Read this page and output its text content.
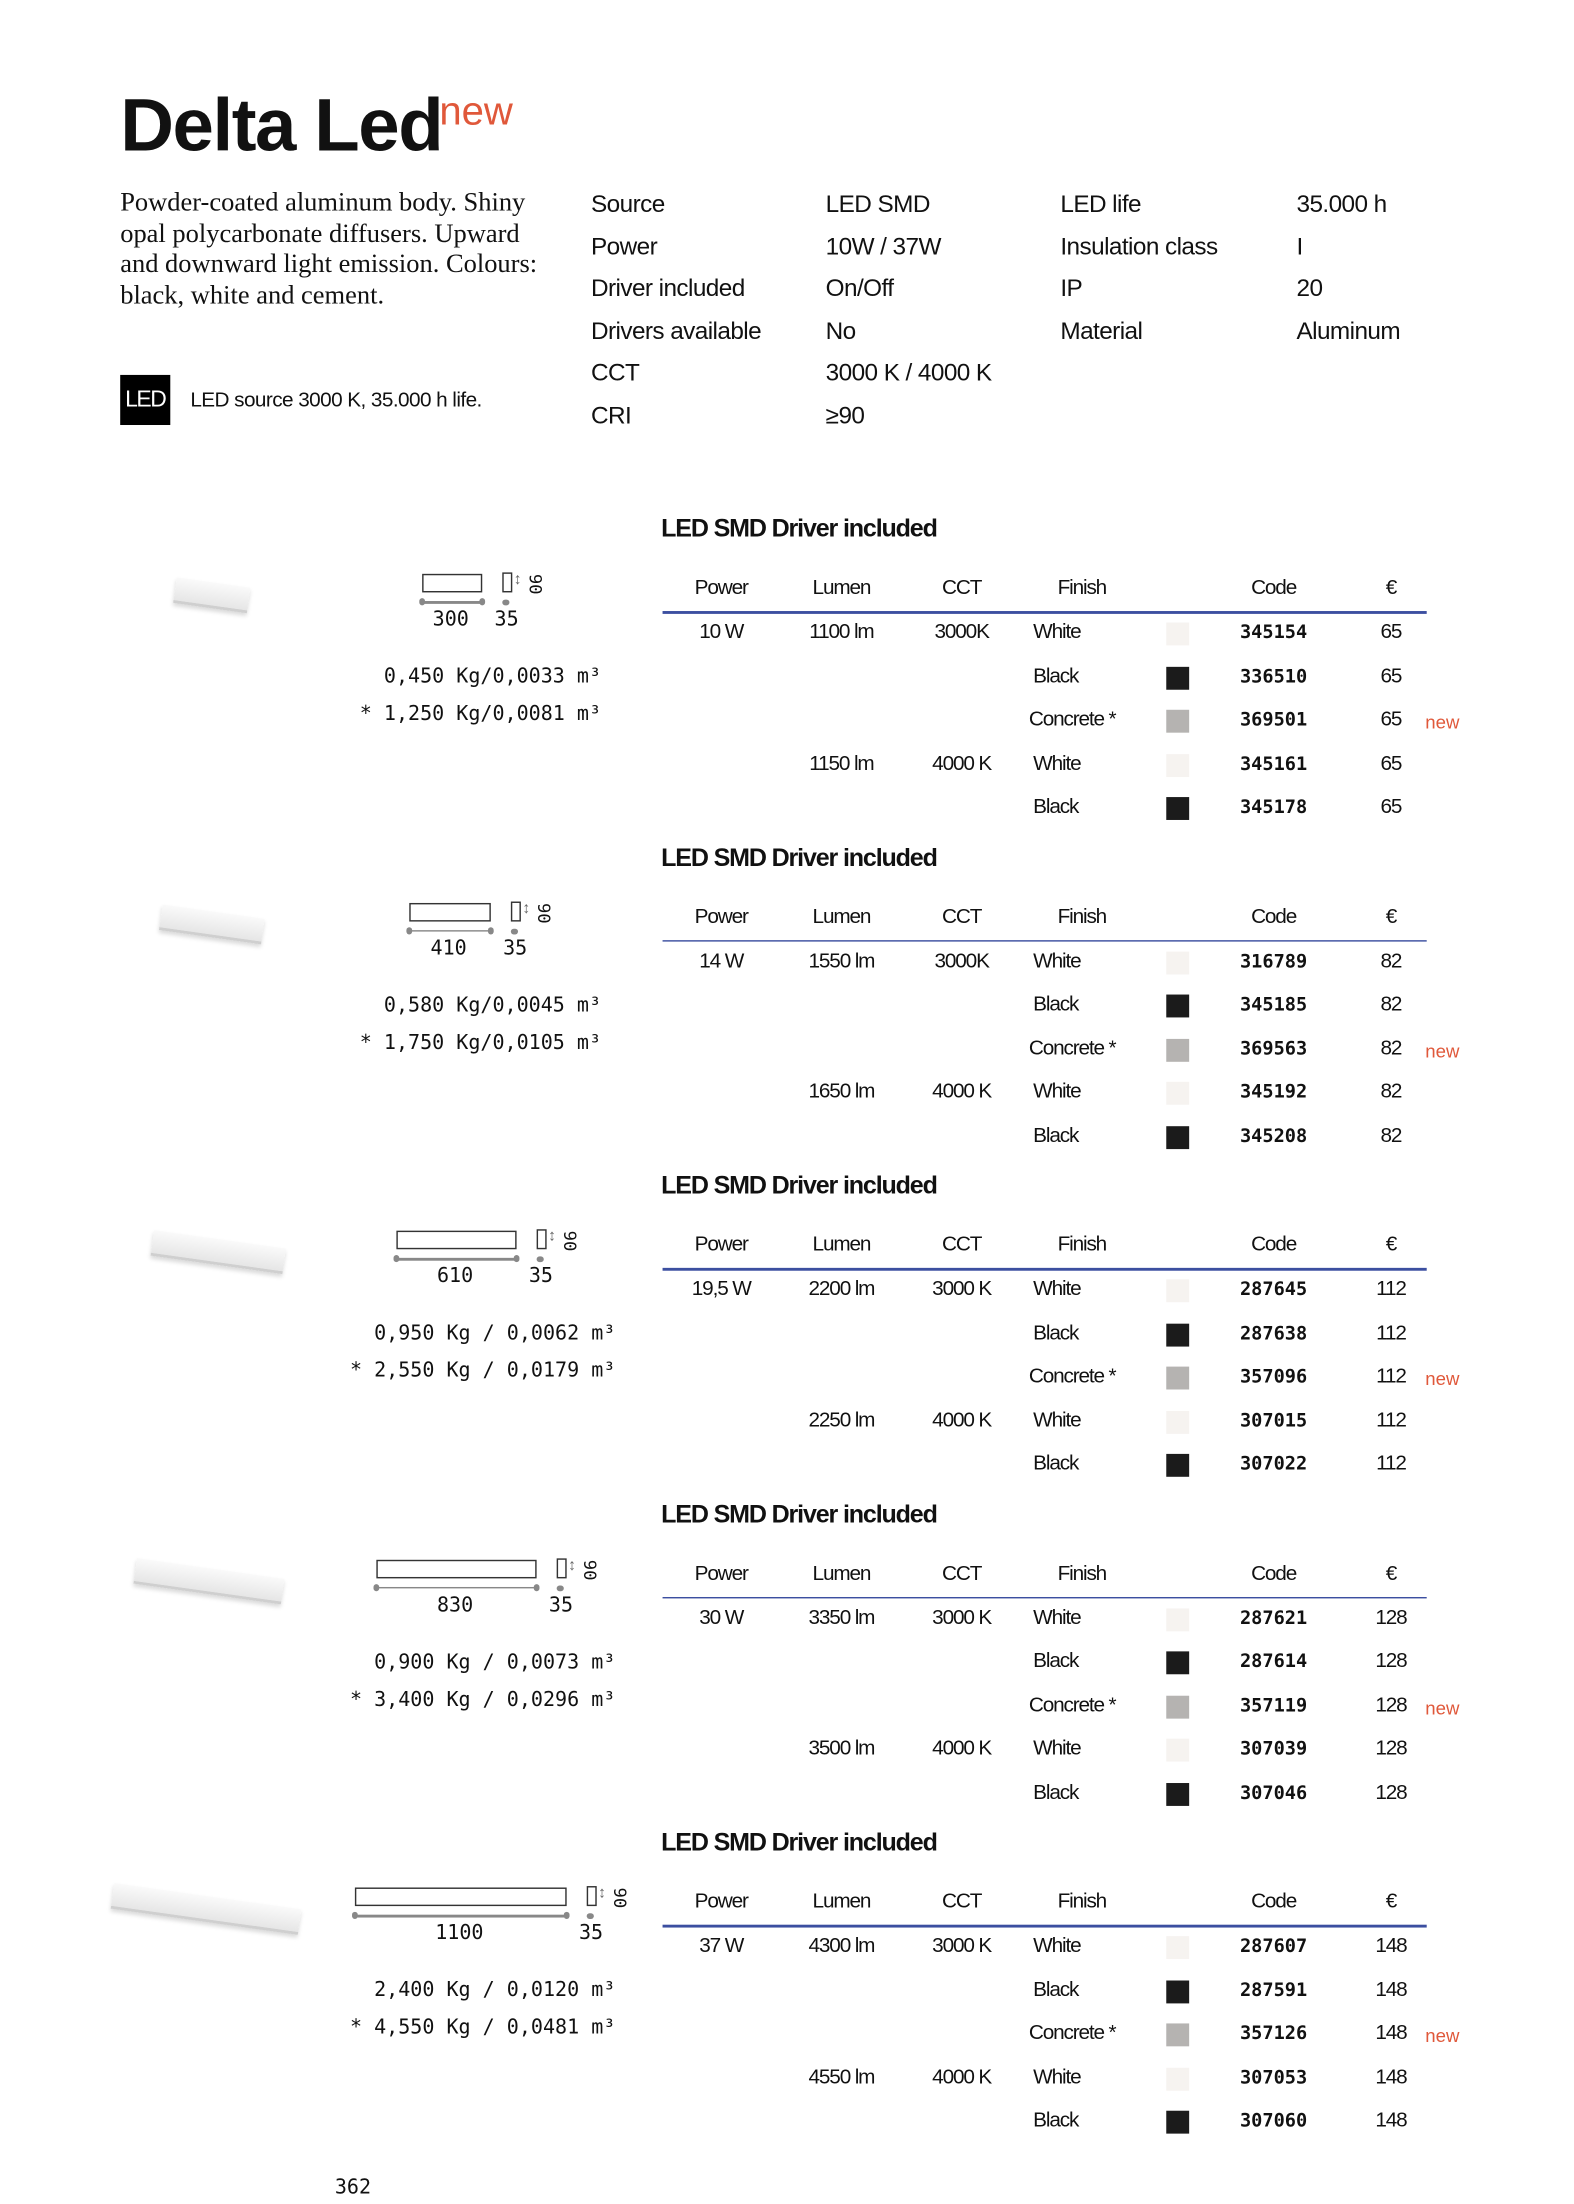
Delta Led
new
Powder-coated aluminum body. Shiny opal polycarbonate diffusers. Upward and downward light emission. Colours: black, white and cement.
LED	LED source 3000 K, 35.000 h life.
Source	LED SMD
Power	10W / 37W
Driver included	On/Off
Drivers available	No
CCT	3000 K / 4000 K
CRI	≥90
LED life	35.000 h
Insulation class	I
IP	20
Material	Aluminum
↕ 90
300 35
0,450 Kg/0,0033 m³
* 1,250 Kg/0,0081 m³
LED SMD Driver included
Power	Lumen	CCT	Finish	Code	€
10 W	1100 lm	3000K	White	345154	65
Black	336510	65
Concrete *	369501	65 new
1150 lm	4000 K	White	345161	65
Black	345178	65
↕ 90
410	35
0,580 Kg/0,0045 m³
* 1,750 Kg/0,0105 m³
LED SMD Driver included
Power	Lumen	CCT	Finish	Code	€
14 W	1550 lm	3000K	White	316789	82
Black	345185	82
Concrete *	369563	82 new
1650 lm	4000 K	White	345192	82
Black	345208	82
↕ 90
610	35
0,950 Kg / 0,0062 m³
* 2,550 Kg / 0,0179 m³
LED SMD Driver included
Power	Lumen	CCT	Finish	Code	€
19,5 W	2200 lm	3000 K	White	287645	112
Black	287638	112
Concrete *	357096	112 new
2250 lm	4000 K	White	307015	112
Black	307022	112
↕ 90
830	35
0,900 Kg / 0,0073 m³
* 3,400 Kg / 0,0296 m³
LED SMD Driver included
Power	Lumen	CCT	Finish	Code	€
30 W	3350 lm	3000 K	White	287621	128
Black	287614	128
Concrete *	357119	128 new
3500 lm	4000 K	White	307039	128
Black	307046	128
↕ 90
1100	35
2,400 Kg / 0,0120 m³
* 4,550 Kg / 0,0481 m³
LED SMD Driver included
Power	Lumen	CCT	Finish	Code	€
37 W	4300 lm	3000 K	White	287607	148
Black	287591	148
Concrete *	357126	148 new
4550 lm	4000 K	White	307053	148
Black	307060	148
362
